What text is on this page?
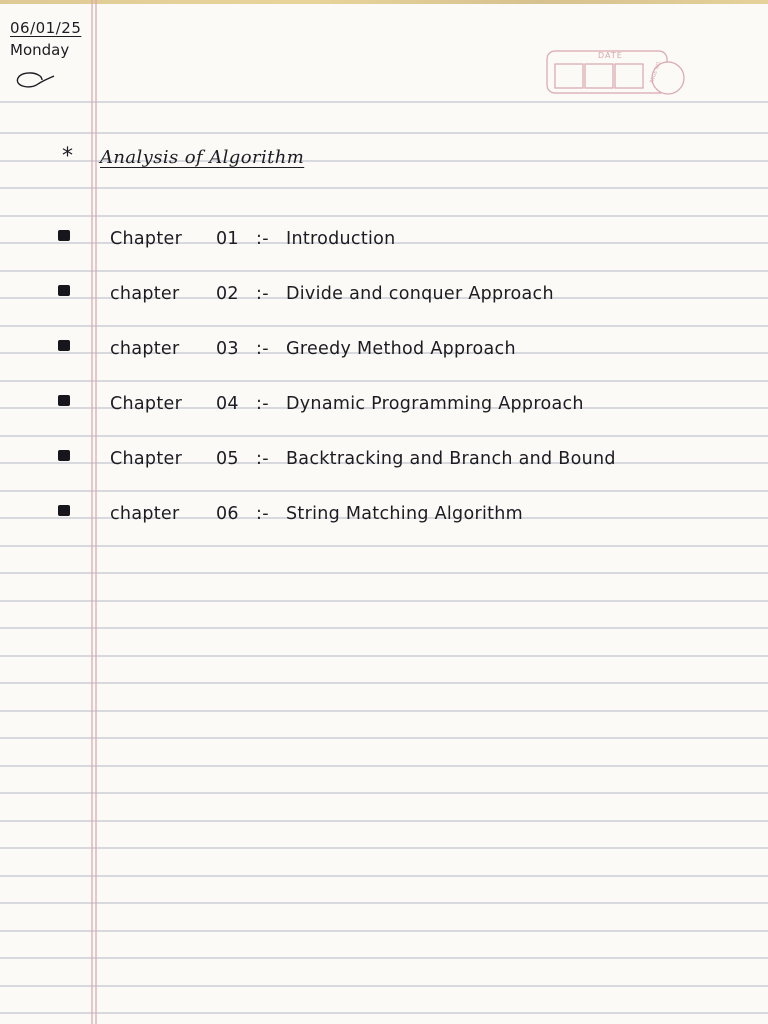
06/01/25
Monday	DATE
PAGE NO.
*	Analysis of Algorithm
Chapter 01 :- Introduction
chapter 02 :- Divide and conquer Approach
chapter 03 :- Greedy Method Approach
Chapter 04 :- Dynamic Programming Approach
Chapter 05 :- Backtracking and Branch and Bound
chapter 06 :- String Matching Algorithm
